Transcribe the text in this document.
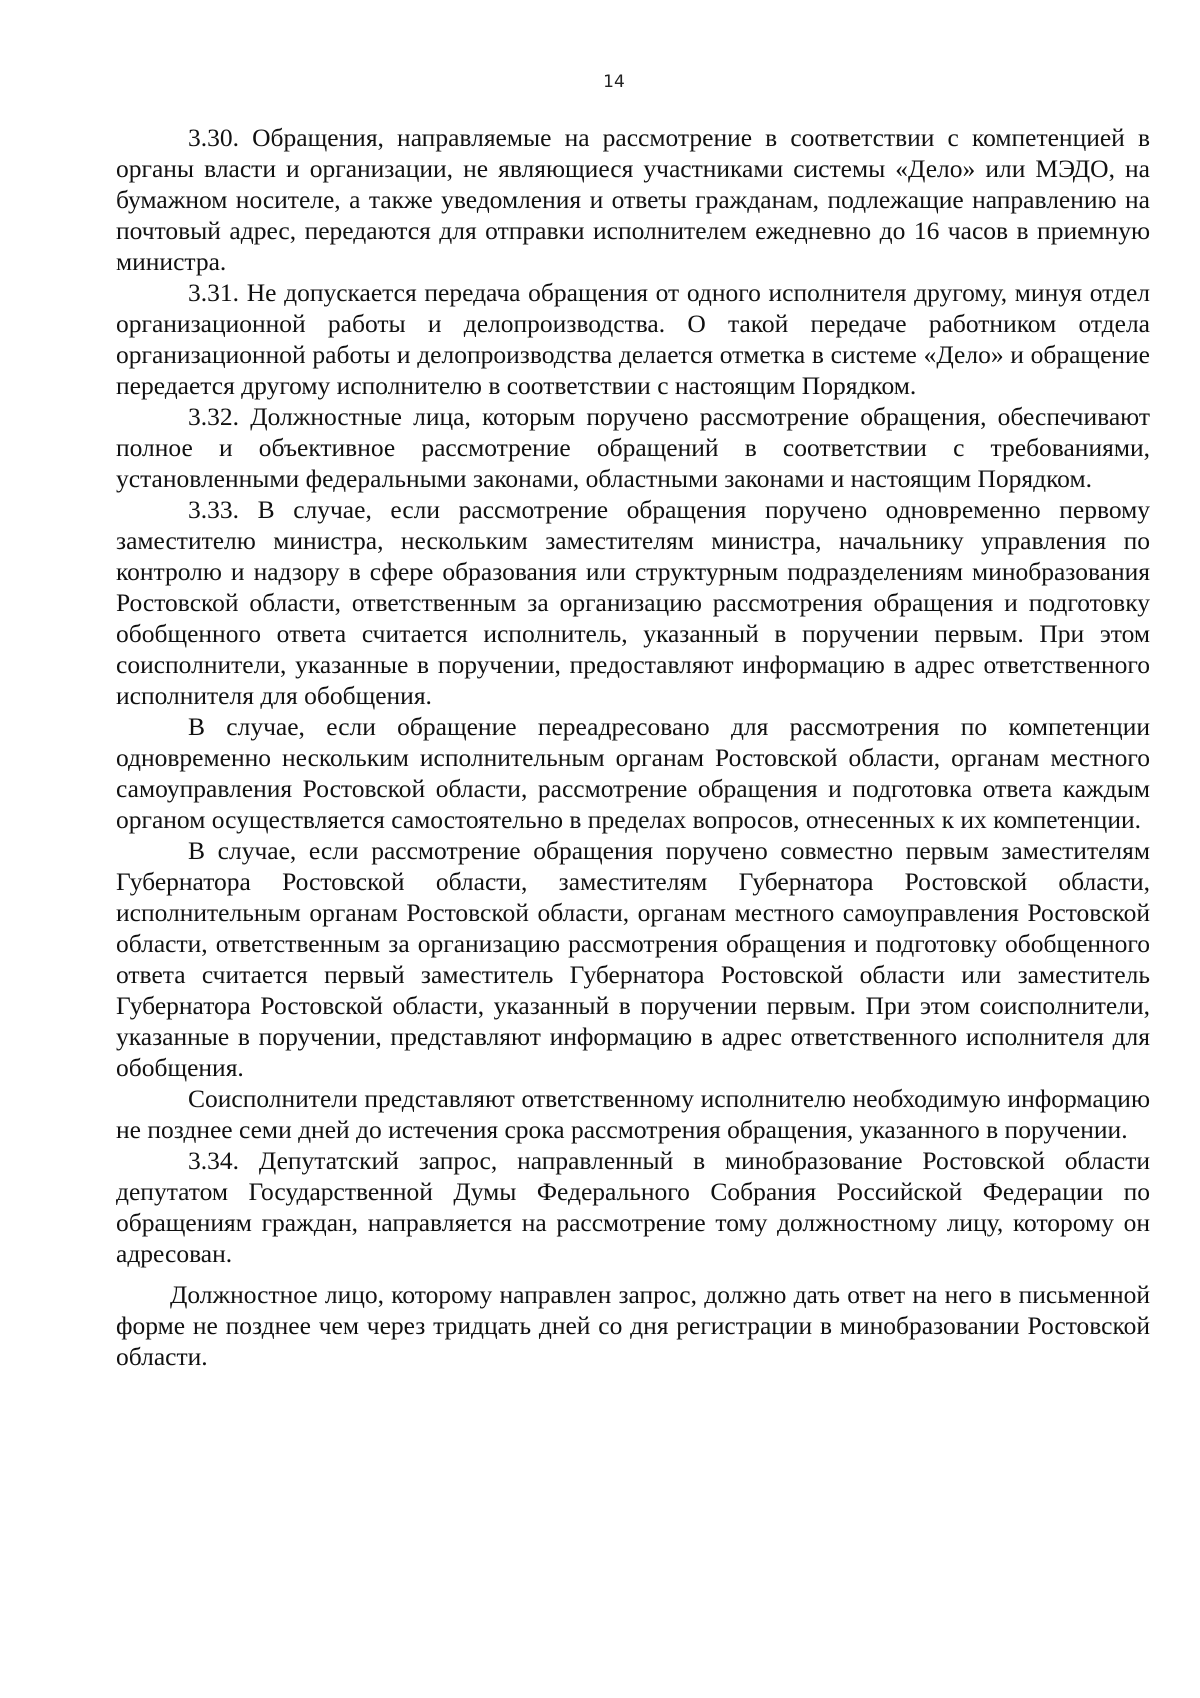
14

3.30. Обращения, направляемые на рассмотрение в соответствии с компетенцией в органы власти и организации, не являющиеся участниками системы «Дело» или МЭДО, на бумажном носителе, а также уведомления и ответы гражданам, подлежащие направлению на почтовый адрес, передаются для отправки исполнителем ежедневно до 16 часов в приемную министра.

3.31. Не допускается передача обращения от одного исполнителя другому, минуя отдел организационной работы и делопроизводства. О такой передаче работником отдела организационной работы и делопроизводства делается отметка в системе «Дело» и обращение передается другому исполнителю в соответствии с настоящим Порядком.

3.32. Должностные лица, которым поручено рассмотрение обращения, обеспечивают полное и объективное рассмотрение обращений в соответствии с требованиями, установленными федеральными законами, областными законами и настоящим Порядком.

3.33. В случае, если рассмотрение обращения поручено одновременно первому заместителю министра, нескольким заместителям министра, начальнику управления по контролю и надзору в сфере образования или структурным подразделениям минобразования Ростовской области, ответственным за организацию рассмотрения обращения и подготовку обобщенного ответа считается исполнитель, указанный в поручении первым. При этом соисполнители, указанные в поручении, предоставляют информацию в адрес ответственного исполнителя для обобщения.

В случае, если обращение переадресовано для рассмотрения по компетенции одновременно нескольким исполнительным органам Ростовской области, органам местного самоуправления Ростовской области, рассмотрение обращения и подготовка ответа каждым органом осуществляется самостоятельно в пределах вопросов, отнесенных к их компетенции.

В случае, если рассмотрение обращения поручено совместно первым заместителям Губернатора Ростовской области, заместителям Губернатора Ростовской области, исполнительным органам Ростовской области, органам местного самоуправления Ростовской области, ответственным за организацию рассмотрения обращения и подготовку обобщенного ответа считается первый заместитель Губернатора Ростовской области или заместитель Губернатора Ростовской области, указанный в поручении первым. При этом соисполнители, указанные в поручении, представляют информацию в адрес ответственного исполнителя для обобщения.

Соисполнители представляют ответственному исполнителю необходимую информацию не позднее семи дней до истечения срока рассмотрения обращения, указанного в поручении.

3.34. Депутатский запрос, направленный в минобразование Ростовской области депутатом Государственной Думы Федерального Собрания Российской Федерации по обращениям граждан, направляется на рассмотрение тому должностному лицу, которому он адресован.

Должностное лицо, которому направлен запрос, должно дать ответ на него в письменной форме не позднее чем через тридцать дней со дня регистрации в минобразовании Ростовской области.
